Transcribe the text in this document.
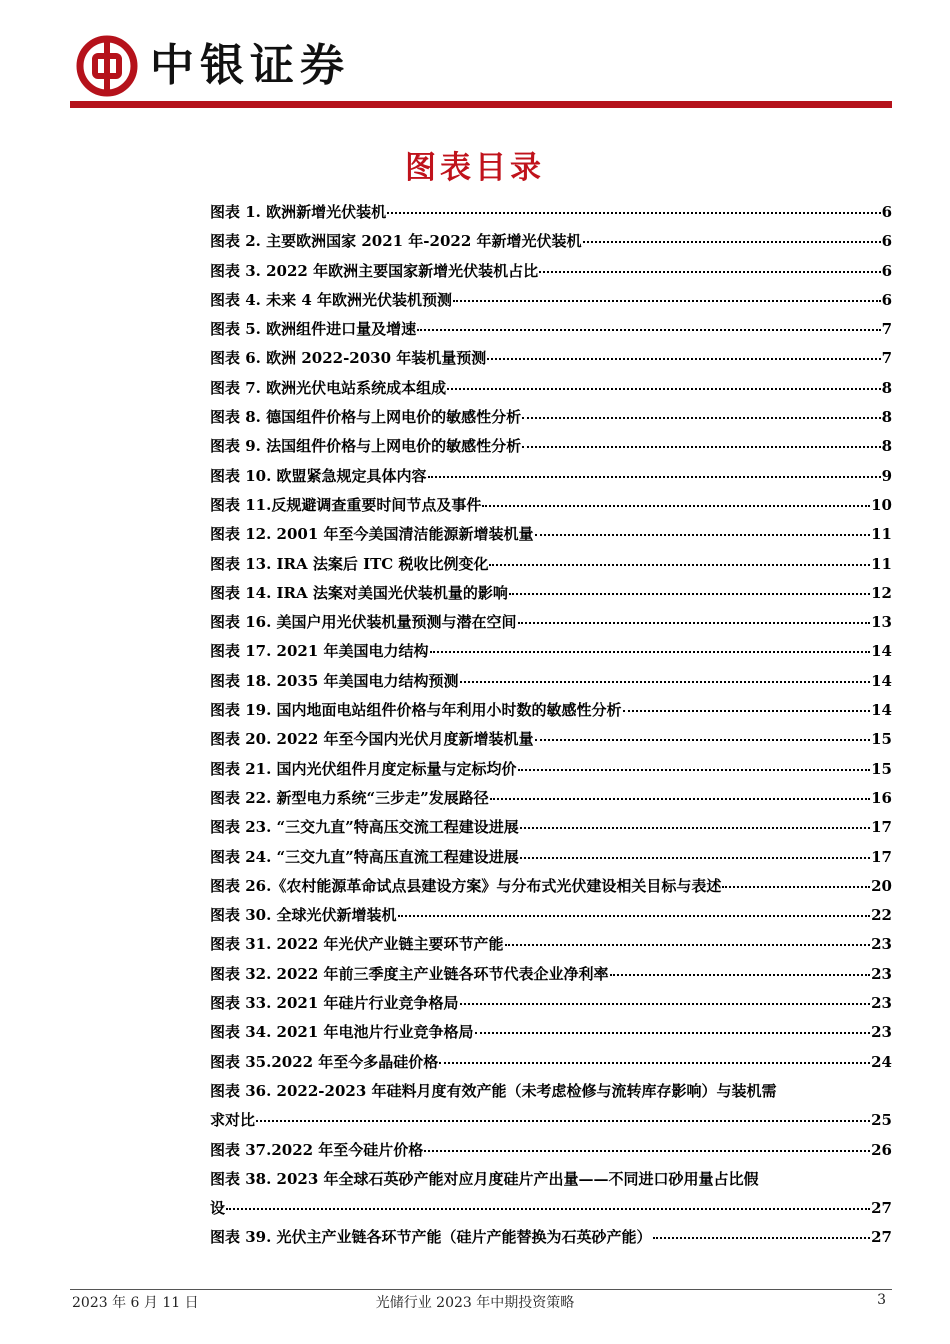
中银证券
图表目录
图表 1. 欧洲新增光伏装机	6
图表 2. 主要欧洲国家 2021 年-2022 年新增光伏装机	6
图表 3. 2022 年欧洲主要国家新增光伏装机占比	6
图表 4. 未来 4 年欧洲光伏装机预测	6
图表 5. 欧洲组件进口量及增速	7
图表 6. 欧洲 2022-2030 年装机量预测	7
图表 7. 欧洲光伏电站系统成本组成	8
图表 8. 德国组件价格与上网电价的敏感性分析	8
图表 9. 法国组件价格与上网电价的敏感性分析	8
图表 10. 欧盟紧急规定具体内容	9
图表 11.反规避调查重要时间节点及事件	10
图表 12. 2001 年至今美国清洁能源新增装机量	11
图表 13. IRA 法案后 ITC 税收比例变化	11
图表 14. IRA 法案对美国光伏装机量的影响	12
图表 16. 美国户用光伏装机量预测与潜在空间	13
图表 17. 2021 年美国电力结构	14
图表 18. 2035 年美国电力结构预测	14
图表 19. 国内地面电站组件价格与年利用小时数的敏感性分析	14
图表 20. 2022 年至今国内光伏月度新增装机量	15
图表 21. 国内光伏组件月度定标量与定标均价	15
图表 22. 新型电力系统“三步走”发展路径	16
图表 23. “三交九直”特高压交流工程建设进展	17
图表 24. “三交九直”特高压直流工程建设进展	17
图表 26.《农村能源革命试点县建设方案》与分布式光伏建设相关目标与表述	20
图表 30. 全球光伏新增装机	22
图表 31. 2022 年光伏产业链主要环节产能	23
图表 32. 2022 年前三季度主产业链各环节代表企业净利率	23
图表 33. 2021 年硅片行业竞争格局	23
图表 34. 2021 年电池片行业竞争格局	23
图表 35.2022 年至今多晶硅价格	24
图表 36. 2022-2023 年硅料月度有效产能（未考虑检修与流转库存影响）与装机需
求对比	25
图表 37.2022 年至今硅片价格	26
图表 38. 2023 年全球石英砂产能对应月度硅片产出量——不同进口砂用量占比假
设	27
图表 39. 光伏主产业链各环节产能（硅片产能替换为石英砂产能）	27
2023 年 6 月 11 日	光储行业 2023 年中期投资策略	3
